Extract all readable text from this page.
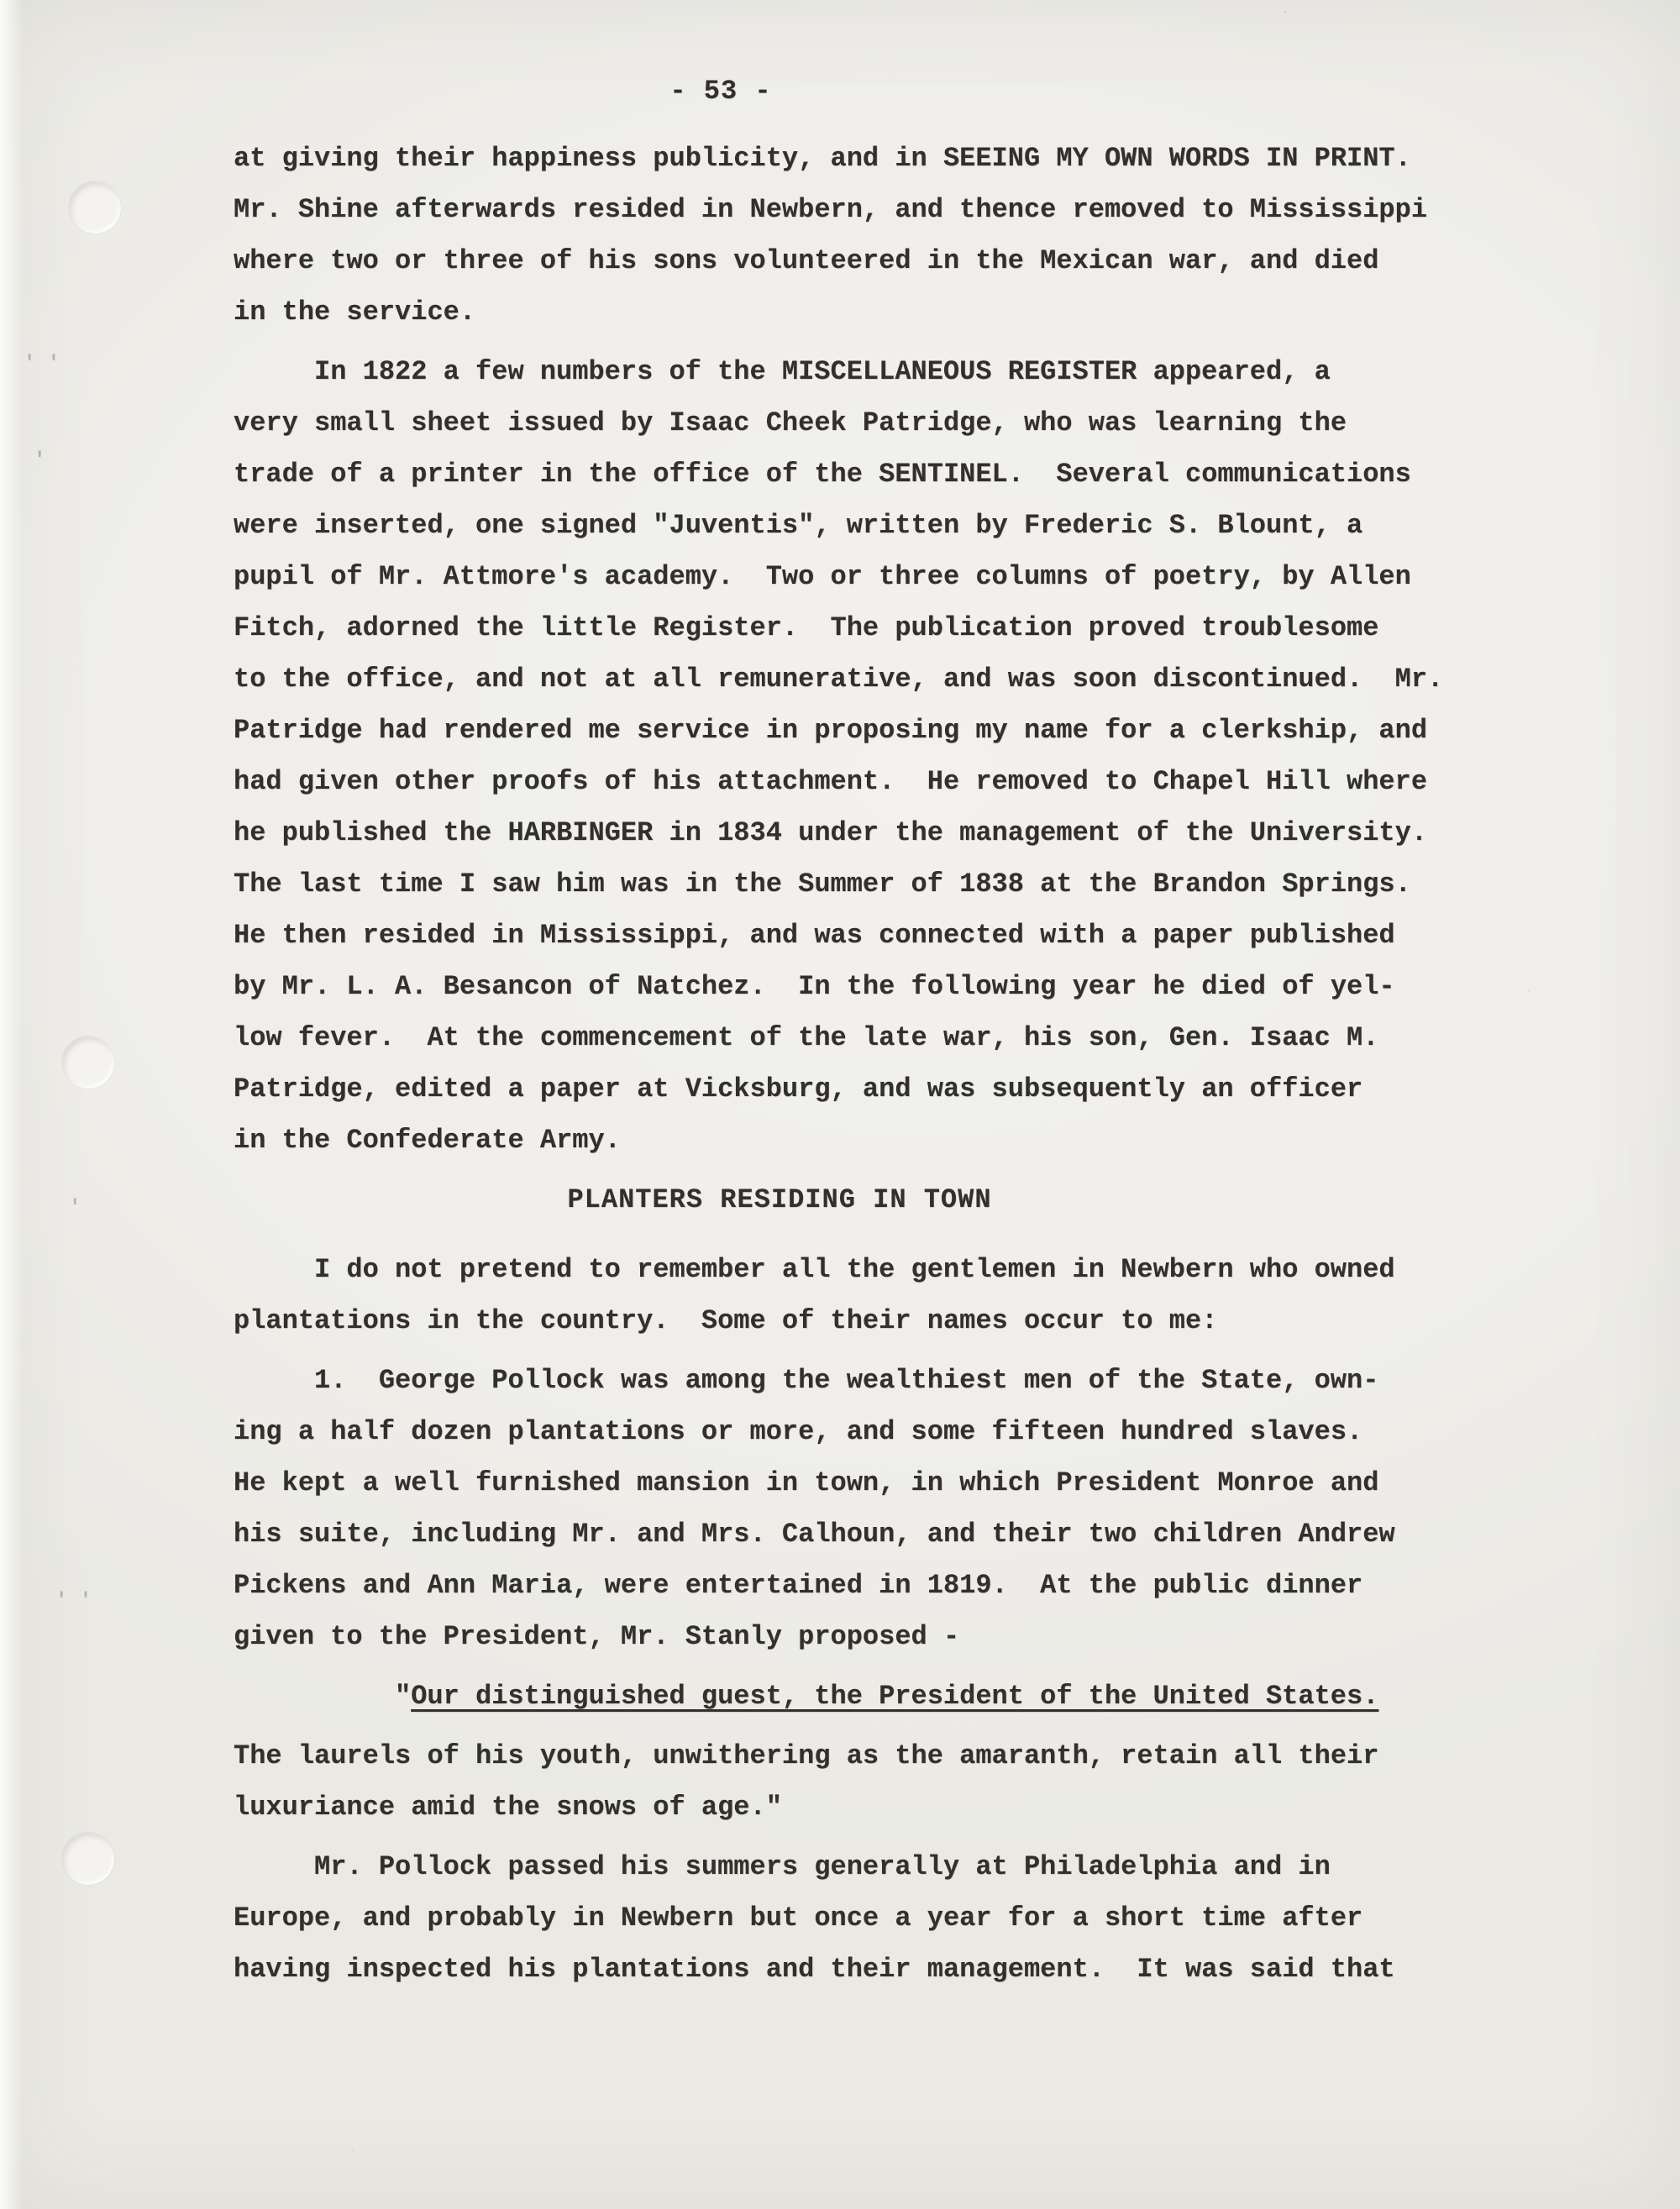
' '
'
'
' '
- 53 -
at giving their happiness publicity, and in SEEING MY OWN WORDS IN PRINT.
Mr. Shine afterwards resided in Newbern, and thence removed to Mississippi
where two or three of his sons volunteered in the Mexican war, and died
in the service.
In 1822 a few numbers of the MISCELLANEOUS REGISTER appeared, a
very small sheet issued by Isaac Cheek Patridge, who was learning the
trade of a printer in the office of the SENTINEL.  Several communications
were inserted, one signed "Juventis", written by Frederic S. Blount, a
pupil of Mr. Attmore's academy.  Two or three columns of poetry, by Allen
Fitch, adorned the little Register.  The publication proved troublesome
to the office, and not at all remunerative, and was soon discontinued.  Mr.
Patridge had rendered me service in proposing my name for a clerkship, and
had given other proofs of his attachment.  He removed to Chapel Hill where
he published the HARBINGER in 1834 under the management of the University.
The last time I saw him was in the Summer of 1838 at the Brandon Springs.
He then resided in Mississippi, and was connected with a paper published
by Mr. L. A. Besancon of Natchez.  In the following year he died of yel-
low fever.  At the commencement of the late war, his son, Gen. Isaac M.
Patridge, edited a paper at Vicksburg, and was subsequently an officer
in the Confederate Army.
PLANTERS RESIDING IN TOWN
I do not pretend to remember all the gentlemen in Newbern who owned
plantations in the country.  Some of their names occur to me:
1.  George Pollock was among the wealthiest men of the State, own-
ing a half dozen plantations or more, and some fifteen hundred slaves.
He kept a well furnished mansion in town, in which President Monroe and
his suite, including Mr. and Mrs. Calhoun, and their two children Andrew
Pickens and Ann Maria, were entertained in 1819.  At the public dinner
given to the President, Mr. Stanly proposed -
"Our distinguished guest, the President of the United States.
The laurels of his youth, unwithering as the amaranth, retain all their
luxuriance amid the snows of age."
Mr. Pollock passed his summers generally at Philadelphia and in
Europe, and probably in Newbern but once a year for a short time after
having inspected his plantations and their management.  It was said that
